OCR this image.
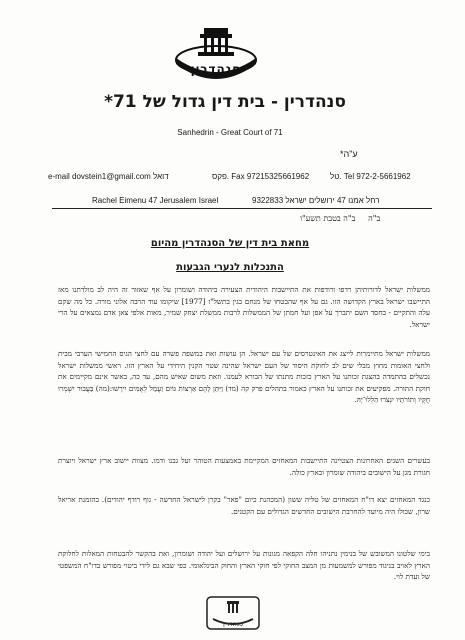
סנהדרין
סנהדרין - בית דין גדול של 71*
Sanhedrin - Great Court of 71
*ע"ה
e-mail dovstein1@gmail.com דואל	פקס. Fax 97215325661962	טל. Tel 972-2-5661962
Rachel Eimenu 47 Jerusalem Israel	רחל אמנו 47 ירושלים ישראל 9322833
ב"ה     ב"ה בטבת תשע"ו
מחאת בית דין של הסנהדרין מהיום
התנכלות לנערי הגבעות
ממשלות ישראל לדורותיהן רדפו ורודפות את התיישבות היהודית הצעירה ביהודה ושומרון על אף שאזור זה היה לב מולדתנו מאז התיישבו ישראל בארץ הקדושה הזו. גם על אף שהבטחו של מנחם בגין בתשל"ז [1977] שיקומו עוד הרבה אלוני מורה. כל מה שקם עלה והתקיים - בחסד השם יתברך על אפן ועל חמתן של הממשלות לרבות ממשלת יצחק שמיר, מאות אלפי צאן אדם נמצאים על הרי ישראל.
ממשלות ישראל מתיימרות לייצג את האינטרסים של עם ישראל. הן עושות זאת במשפה פשרה עם לחצי הגיס החמישי הערבי מבית ולחצי האומות מחוץ מבלי שים לב לחוקת היסוד של העם ישראל שהינה שטר הקנין היחידי על הארץ הזו. ראשי ממשלות ישראל נכשלים בהתמדה בהצגת זכותנו על הארץ כזכות מתנתו של הבורא לעמנו. וזאת משום שאיש מהם, עד כה, באשר אינם מקיימים את חוקת התורה. מפקיעים את זכותנו על הארץ כאמור בתהלים פרק קה (מד) וַיִּתֵּן לָהֶם אַרְצוֹת גּוֹיִם וַעֲמַל לְאֻמִּים יִירָשׁוּ:(מה) בַּעֲבוּר יִשְׁמְרוּ חֻקָּיו וְתוֹרֹתָיו יִנְצֹרוּ הַלְלוּ־יָהּ.
בעשרים השנים האחרונות הצטיינה התיישבות המאחזים המקיימת באמצעות הטוהר ועל גבנו ודמו. מצוות יישוב ארץ ישראל ויוצרת חגורת מגן על הישובים ביהודה שומרון ובארץ כולה.
כנגד המאחזים יצא דו"ח המאחזים של טליה ששון (המכהנת כיום "פאר" בקרן לישראל החדשה - גוף רודף יהודים). בהזמנת אריאל שרון, שכולו היה מיועד להחרבת הישובים החדשים הגדולים עם הקטנים.
בימי שלטונו המשובש של בנימין נתניהו חלה הקפאה מגונות על ירושלים ועל יהודה ושומרון, ואת בהקשר להבטחות המאלות לחלוקת הארץ לאויב בניגוד מפורש למשמעות מן המצב החוקי לפי חוקי הארץ והחוק הבינלאומי. כפי שבא גם לידי ביטוי מפורש בדו"ח המשפטי של ועדת לוי.
סנהדרין
